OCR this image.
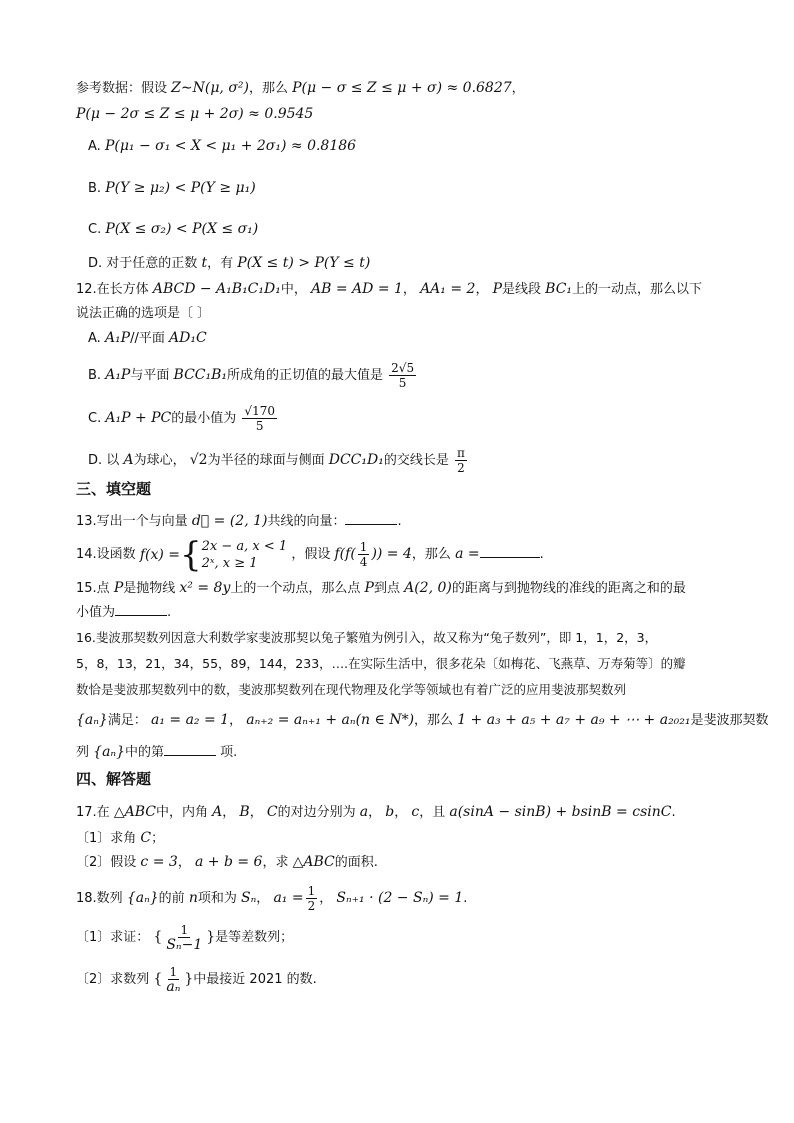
参考数据：假设 Z∼N(μ, σ²)，那么 P(μ − σ ≤ Z ≤ μ + σ) ≈ 0.6827，
P(μ − 2σ ≤ Z ≤ μ + 2σ) ≈ 0.9545
A. P(μ₁ − σ₁ < X < μ₁ + 2σ₁) ≈ 0.8186
B. P(Y ≥ μ₂) < P(Y ≥ μ₁)
C. P(X ≤ σ₂) < P(X ≤ σ₁)
D. 对于任意的正数 t，有 P(X ≤ t) > P(Y ≤ t)
12.在长方体 ABCD − A₁B₁C₁D₁中， AB = AD = 1， AA₁ = 2， P是线段 BC₁上的一动点，那么以下
说法正确的选项是〔 〕
A. A₁P//平面 AD₁C
B. A₁P与平面 BCC₁B₁所成角的正切值的最大值是 $\frac{2√5}{5}$
C. A₁P + PC的最小值为 $\frac{√170}{5}$
D. 以 A为球心， √2为半径的球面与侧面 DCC₁D₁的交线长是 $\frac{\pi}{2}$
三、填空题
13.写出一个与向量 d⃗ = (2, 1)共线的向量：	.
14.设函数 f(x) = { 2x − a, x < 1
2ˣ, x ≥ 1
，假设 $f(f( \frac{1}{4}$ )) = 4，那么 a =	.
15.点 P是抛物线 x² = 8y上的一个动点，那么点 P到点 A(2, 0)的距离与到抛物线的准线的距离之和的最
小值为	.
16.斐波那契数列因意大利数学家斐波那契以兔子繁殖为例引入，故又称为“兔子数列”，即 1，1，2，3，
5，8，13，21，34，55，89，144，233，….在实际生活中，很多花朵〔如梅花、飞燕草、万寿菊等〕的瓣
数恰是斐波那契数列中的数，斐波那契数列在现代物理及化学等领域也有着广泛的应用斐波那契数列
{aₙ}满足： a₁ = a₂ = 1， aₙ₊₂ = aₙ₊₁ + aₙ(n ∈ N*)，那么 1 + a₃ + a₅ + a₇ + a₉ + ⋯ + a₂₀₂₁是斐波那契数
列 {aₙ}中的第	项.
四、解答题
17.在 △ABC中，内角 A， B， C的对边分别为 a， b， c，且 a(sinA − sinB) + bsinB = csinC.
〔1〕求角 C；
〔2〕假设 c = 3， a + b = 6，求 △ABC的面积.
18.数列 {aₙ}的前 n项和为 Sₙ， $a_1 = \frac{1}{2}$ ， Sₙ₊₁ · (2 − Sₙ) = 1.
〔1〕求证： { $\frac{1}{\text{Sₙ−1}}$ }是等差数列；
〔2〕求数列 { $\frac{1}{\text{aₙ}}$ }中最接近 2021 的数.
